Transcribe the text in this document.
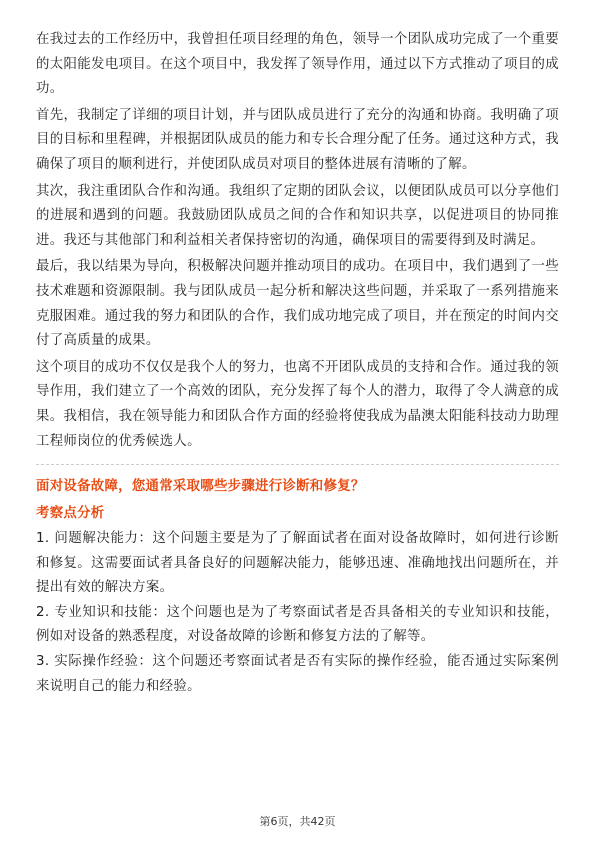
在我过去的工作经历中，我曾担任项目经理的角色，领导一个团队成功完成了一个重要的太阳能发电项目。在这个项目中，我发挥了领导作用，通过以下方式推动了项目的成功。

首先，我制定了详细的项目计划，并与团队成员进行了充分的沟通和协商。我明确了项目的目标和里程碑，并根据团队成员的能力和专长合理分配了任务。通过这种方式，我确保了项目的顺利进行，并使团队成员对项目的整体进展有清晰的了解。

其次，我注重团队合作和沟通。我组织了定期的团队会议，以便团队成员可以分享他们的进展和遇到的问题。我鼓励团队成员之间的合作和知识共享，以促进项目的协同推进。我还与其他部门和利益相关者保持密切的沟通，确保项目的需要得到及时满足。

最后，我以结果为导向，积极解决问题并推动项目的成功。在项目中，我们遇到了一些技术难题和资源限制。我与团队成员一起分析和解决这些问题，并采取了一系列措施来克服困难。通过我的努力和团队的合作，我们成功地完成了项目，并在预定的时间内交付了高质量的成果。

这个项目的成功不仅仅是我个人的努力，也离不开团队成员的支持和合作。通过我的领导作用，我们建立了一个高效的团队，充分发挥了每个人的潜力，取得了令人满意的成果。我相信，我在领导能力和团队合作方面的经验将使我成为晶澳太阳能科技动力助理工程师岗位的优秀候选人。

面对设备故障，您通常采取哪些步骤进行诊断和修复？

考察点分析

1. 问题解决能力：这个问题主要是为了了解面试者在面对设备故障时，如何进行诊断和修复。这需要面试者具备良好的问题解决能力，能够迅速、准确地找出问题所在，并提出有效的解决方案。

2. 专业知识和技能：这个问题也是为了考察面试者是否具备相关的专业知识和技能，例如对设备的熟悉程度，对设备故障的诊断和修复方法的了解等。

3. 实际操作经验：这个问题还考察面试者是否有实际的操作经验，能否通过实际案例来说明自己的能力和经验。

第6页，共42页
